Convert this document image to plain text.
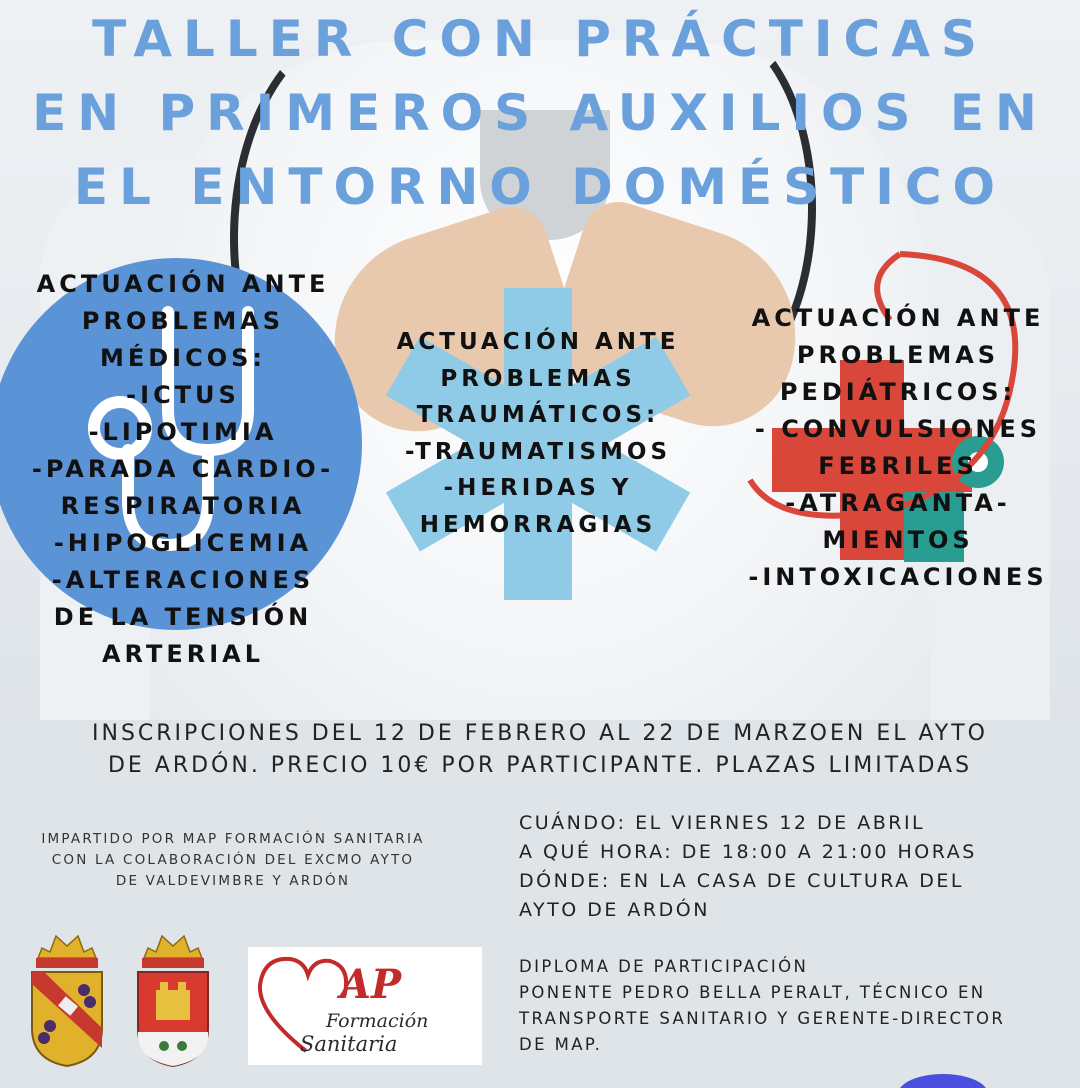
TALLER CON PRÁCTICAS
EN PRIMEROS AUXILIOS EN
EL ENTORNO DOMÉSTICO
ACTUACIÓN ANTE
PROBLEMAS
MÉDICOS:
-ICTUS
-LIPOTIMIA
-PARADA CARDIO-
RESPIRATORIA
-HIPOGLICEMIA
-ALTERACIONES
DE LA TENSIÓN
ARTERIAL
ACTUACIÓN ANTE
PROBLEMAS
TRAUMÁTICOS:
-TRAUMATISMOS
-HERIDAS Y
HEMORRAGIAS
ACTUACIÓN ANTE
PROBLEMAS
PEDIÁTRICOS:
- CONVULSIONES
FEBRILES
-ATRAGANTA-
MIENTOS
-INTOXICACIONES
INSCRIPCIONES DEL 12 DE FEBRERO AL 22 DE MARZOEN EL AYTO
DE ARDÓN. PRECIO 10€ POR PARTICIPANTE. PLAZAS LIMITADAS
IMPARTIDO POR MAP FORMACIÓN SANITARIA
CON LA COLABORACIÓN DEL EXCMO AYTO
DE VALDEVIMBRE Y ARDÓN
CUÁNDO: EL VIERNES 12 DE ABRIL
A QUÉ HORA: DE 18:00 A 21:00 HORAS
DÓNDE: EN LA CASA DE CULTURA DEL
AYTO DE ARDÓN
DIPLOMA DE PARTICIPACIÓN
PONENTE PEDRO BELLA PERALT, TÉCNICO EN
TRANSPORTE SANITARIO Y GERENTE-DIRECTOR
DE MAP.
AP
Formación
Sanitaria
